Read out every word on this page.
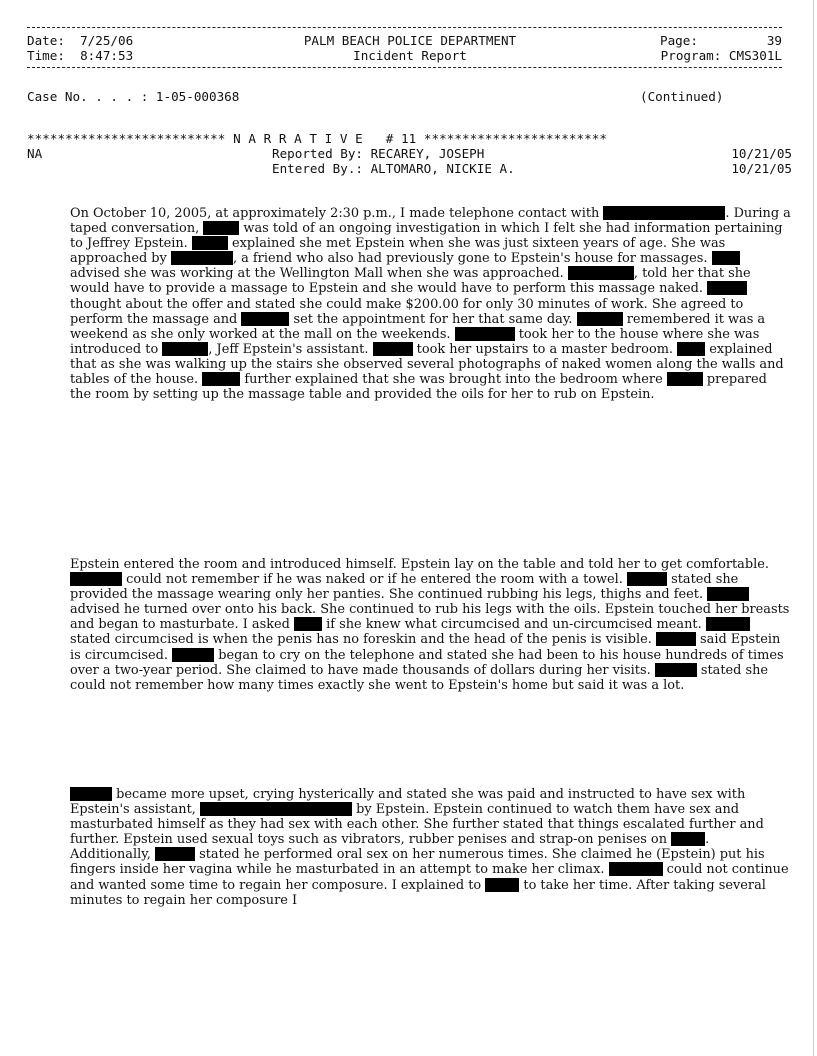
Date: 7/25/06
Time: 8:47:53
PALM BEACH POLICE DEPARTMENT
Incident Report
Page:	39
Program: CMS301L
Case No. . . . : 1-05-000368	(Continued)
************************** N A R R A T I V E   # 11 ************************
NA	Reported By: RECAREY, JOSEPH	10/21/05
Entered By.: ALTOMARO, NICKIE A.	10/21/05

On October 10, 2005, at approximately 2:30 p.m., I made telephone contact with	. During a taped conversation,	was told of an ongoing investigation in which I felt she had information pertaining to Jeffrey Epstein.	explained she met Epstein when she was just sixteen years of age. She was approached by	, a friend who also had previously gone to Epstein's house for massages.  advised she was working at the Wellington Mall when she was approached.	, told her that she would have to provide a massage to Epstein and she would have to perform this massage naked.  thought about the offer and stated she could make $200.00 for only 30 minutes of work. She agreed to perform the massage and	set the appointment for her that same day.	remembered it was a weekend as she only worked at the mall on the weekends.	took her to the house where she was introduced to	, Jeff Epstein's assistant.	took her upstairs to a master bedroom.  explained that as she was walking up the stairs she observed several photographs of naked women along the walls and tables of the house.	further explained that she was brought into the bedroom where	prepared the room by setting up the massage table and provided the oils for her to rub on Epstein.

Epstein entered the room and introduced himself. Epstein lay on the table and told her to get comfortable.  could not remember if he was naked or if he entered the room with a towel.	stated she provided the massage wearing only her panties. She continued rubbing his legs, thighs and feet.  advised he turned over onto his back. She continued to rub his legs with the oils. Epstein touched her breasts and began to masturbate. I asked  if she knew what circumcised and un-circumcised meant.  stated circumcised is when the penis has no foreskin and the head of the penis is visible.	said Epstein is circumcised.	began to cry on the telephone and stated she had been to his house hundreds of times over a two-year period. She claimed to have made thousands of dollars during her visits.	stated she could not remember how many times exactly she went to Epstein's home but said it was a lot.

became more upset, crying hysterically and stated she was paid and instructed to have sex with Epstein's assistant,	by Epstein. Epstein continued to watch them have sex and masturbated himself as they had sex with each other. She further stated that things escalated further and further. Epstein used sexual toys such as vibrators, rubber penises and strap-on penises on	. Additionally,	stated he performed oral sex on her numerous times. She claimed he (Epstein) put his fingers inside her vagina while he masturbated in an attempt to make her climax.	could not continue and wanted some time to regain her composure. I explained to	to take her time. After taking several minutes to regain her composure I
